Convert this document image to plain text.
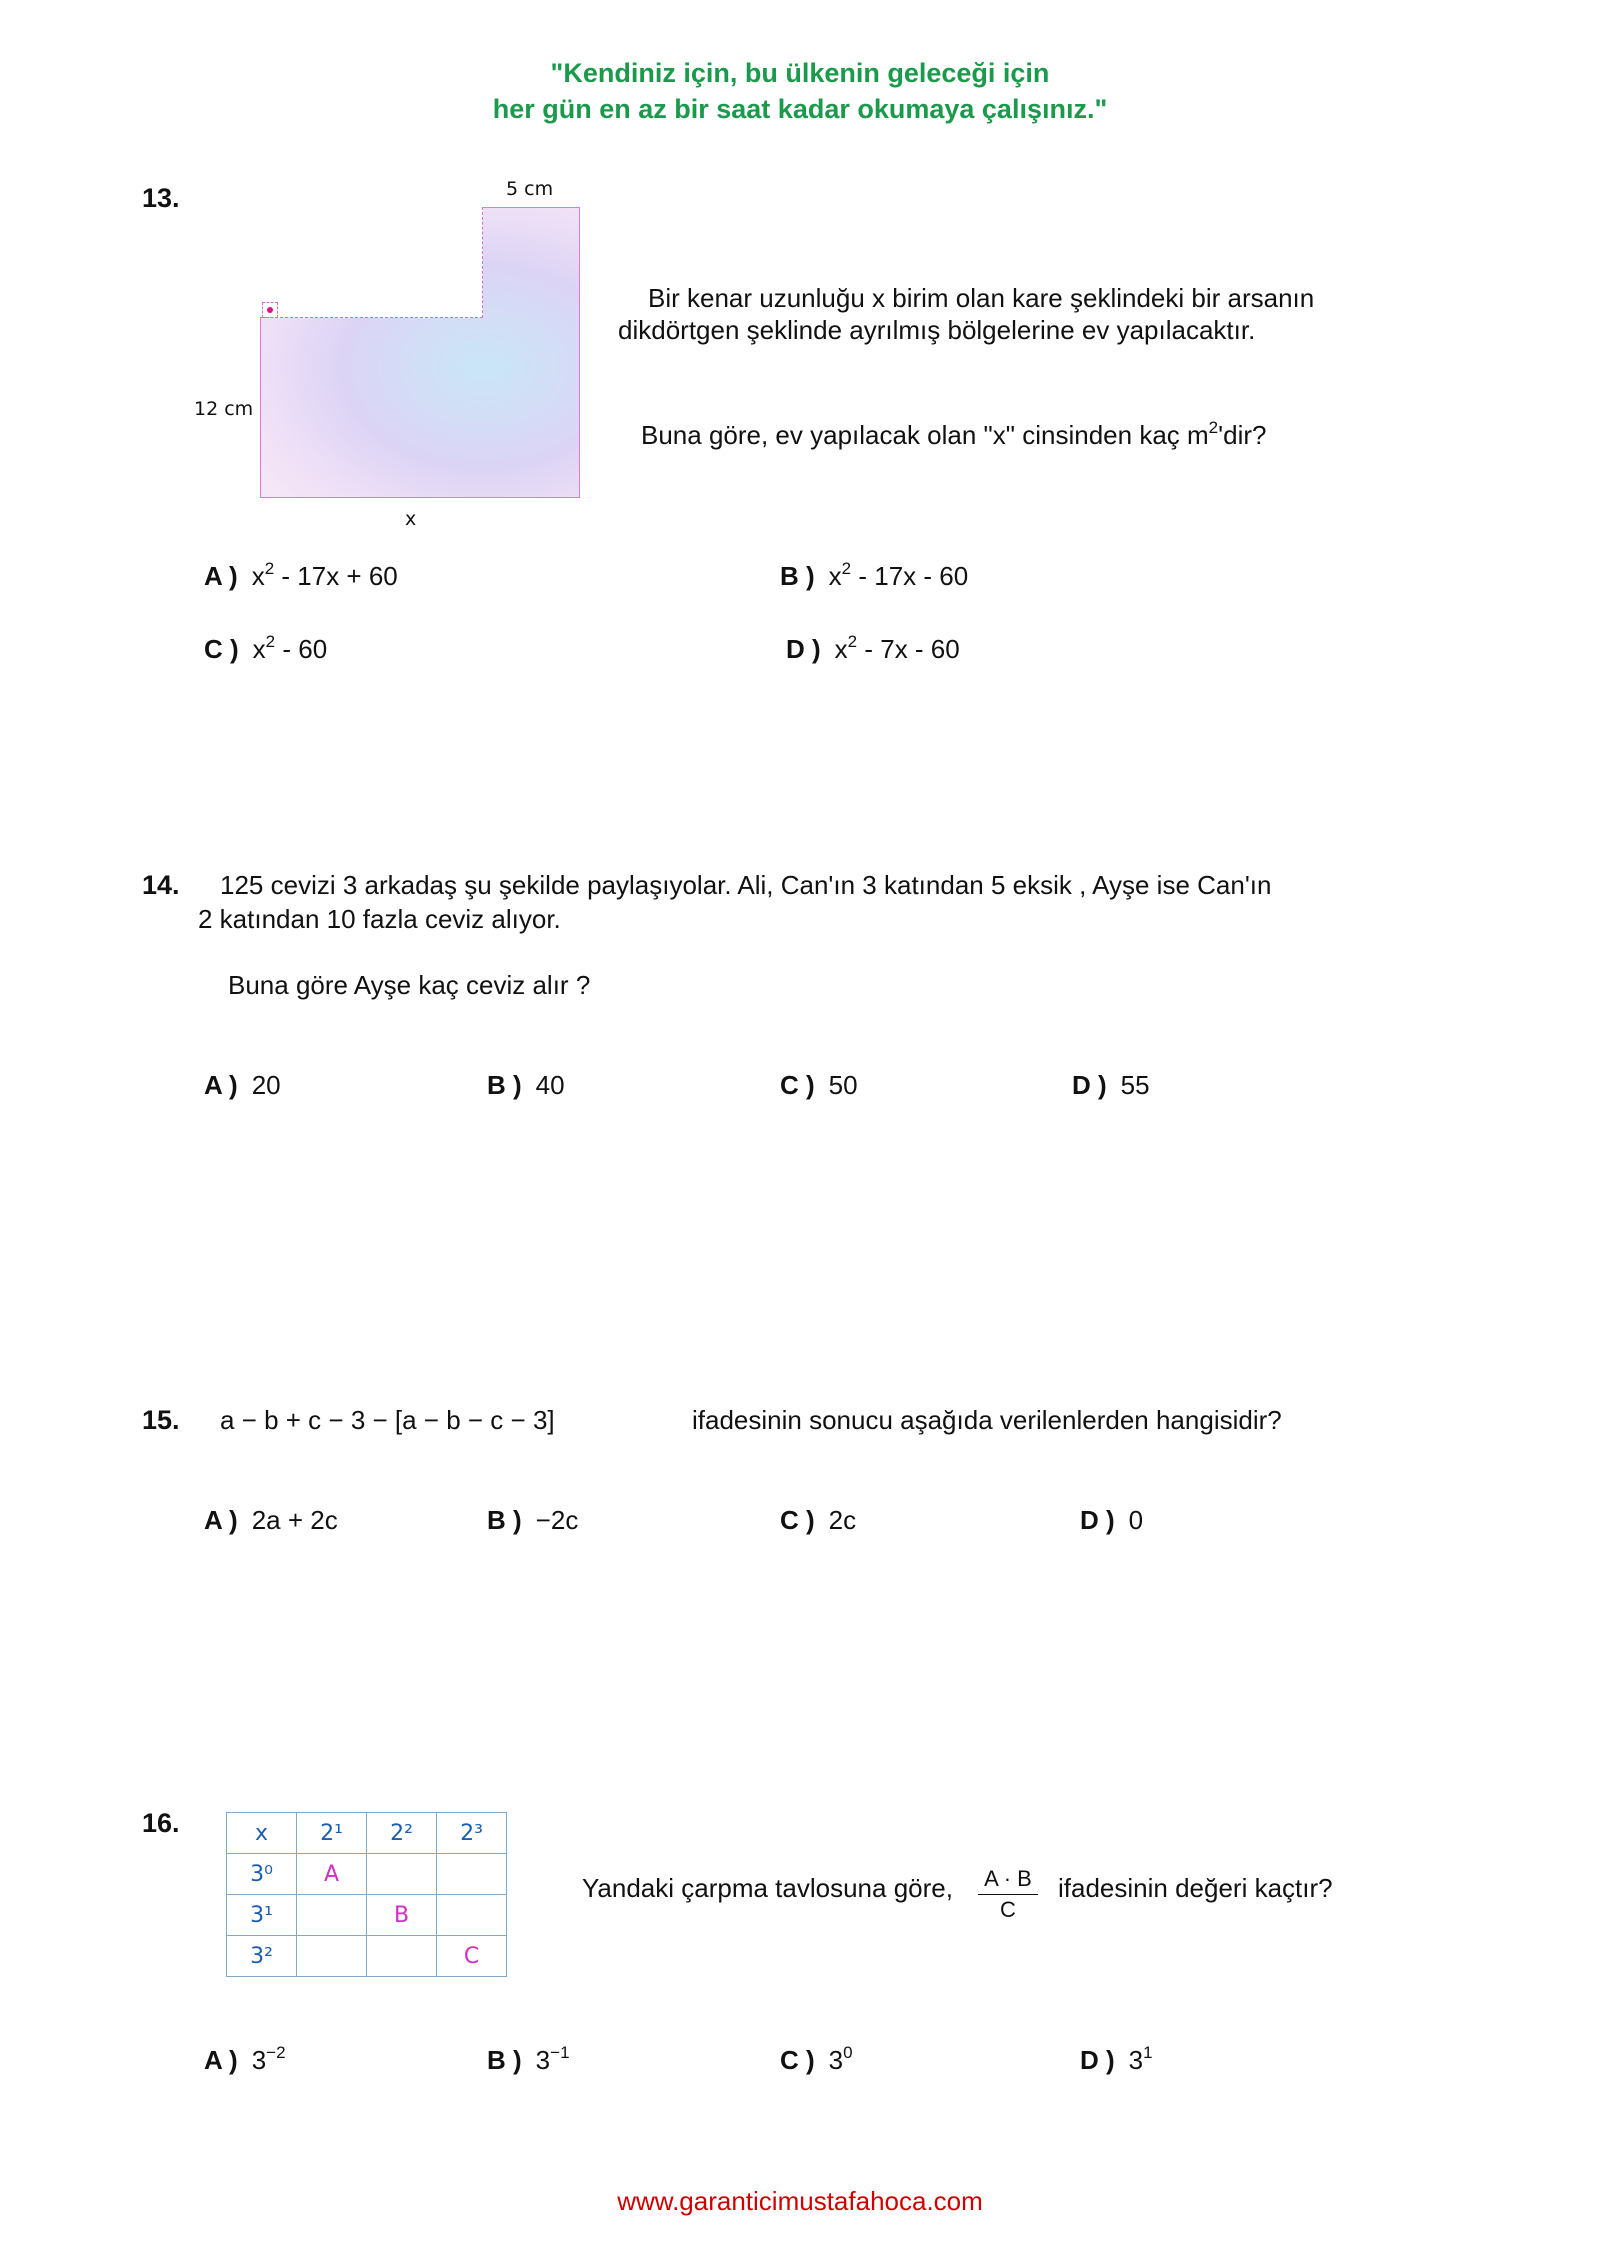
"Kendiniz için, bu ülkenin geleceği için
her gün en az bir saat kadar okumaya çalışınız."
13.	5 cm
12 cm
x
Bir kenar uzunluğu x birim olan kare şeklindeki bir arsanın
dikdörtgen şeklinde ayrılmış bölgelerine ev yapılacaktır.
Buna göre, ev yapılacak olan "x" cinsinden kaç $m^2'dir$?
A ) $x^2 - 17x + 60$	B ) $x^2 - 17x - 60$
C ) $x^2 - 60$	D ) $x^2 - 7x - 60$
14. 125 cevizi 3 arkadaş şu şekilde paylaşıyolar. Ali, Can'ın 3 katından 5 eksik , Ayşe ise Can'ın
2 katından 10 fazla ceviz alıyor.
Buna göre Ayşe kaç ceviz alır ?
A ) 20	B ) 40	C ) 50	D ) 55
15. a − b + c − 3 − [a − b − c − 3]	ifadesinin sonucu aşağıda verilenlerden hangisidir?
A ) 2a + 2c	B ) −2c	C ) 2c	D ) 0
16.	x	2¹	2²	2³
3⁰	A		
3¹		B	
3²			C
Yandaki çarpma tavlosuna göre, $\frac{A \cdot B}{C}$ ifadesinin değeri kaçtır?
A ) $3^{-2}$	B ) $3^{-1}$	C ) $3^0$	D ) $3^1$
www.garanticimustafahoca.com
